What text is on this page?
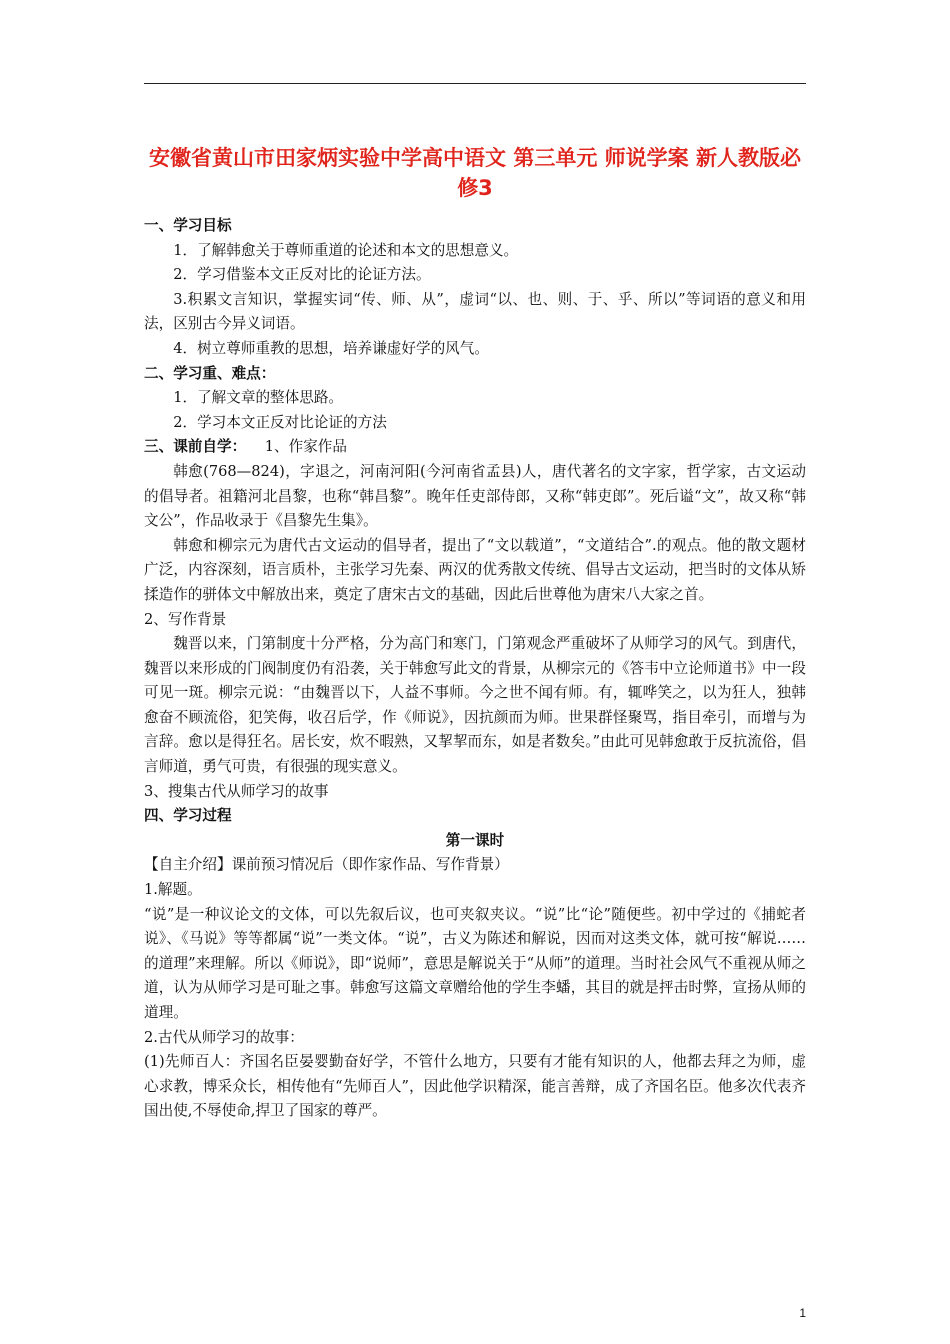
安徽省黄山市田家炳实验中学高中语文 第三单元 师说学案 新人教版必修3

一、学习目标

1．了解韩愈关于尊师重道的论述和本文的思想意义。

2．学习借鉴本文正反对比的论证方法。

3.积累文言知识，掌握实词“传、师、从”，虚词“以、也、则、于、乎、所以”等词语的意义和用法，区别古今异义词语。

4．树立尊师重教的思想，培养谦虚好学的风气。

二、学习重、难点：

1．了解文章的整体思路。

2．学习本文正反对比论证的方法

三、课前自学： 1、作家作品

韩愈(768—824)，字退之，河南河阳(今河南省孟县)人，唐代著名的文字家，哲学家，古文运动的倡导者。祖籍河北昌黎，也称“韩昌黎”。晚年任吏部侍郎，又称“韩吏郎”。死后谥“文”，故又称“韩文公”，作品收录于《昌黎先生集》。

韩愈和柳宗元为唐代古文运动的倡导者，提出了“文以载道”，“文道结合”.的观点。他的散文题材广泛，内容深刻，语言质朴，主张学习先秦、两汉的优秀散文传统、倡导古文运动，把当时的文体从矫揉造作的骈体文中解放出来，奠定了唐宋古文的基础，因此后世尊他为唐宋八大家之首。

2、写作背景

魏晋以来，门第制度十分严格，分为高门和寒门，门第观念严重破坏了从师学习的风气。到唐代，魏晋以来形成的门阀制度仍有沿袭，关于韩愈写此文的背景，从柳宗元的《答韦中立论师道书》中一段可见一斑。柳宗元说：“由魏晋以下，人益不事师。今之世不闻有师。有，辄哗笑之，以为狂人，独韩愈奋不顾流俗，犯笑侮，收召后学，作《师说》，因抗颜而为师。世果群怪聚骂，指目牵引，而增与为言辞。愈以是得狂名。居长安，炊不暇熟，又挈挈而东，如是者数矣。”由此可见韩愈敢于反抗流俗，倡言师道，勇气可贵，有很强的现实意义。

3、搜集古代从师学习的故事

四、学习过程

第一课时

【自主介绍】课前预习情况后（即作家作品、写作背景）

1.解题。

“说”是一种议论文的文体，可以先叙后议，也可夹叙夹议。“说”比“论”随便些。初中学过的《捕蛇者说》、《马说》等等都属“说”一类文体。“说”，古义为陈述和解说，因而对这类文体，就可按“解说……的道理”来理解。所以《师说》，即“说师”，意思是解说关于“从师”的道理。当时社会风气不重视从师之道，认为从师学习是可耻之事。韩愈写这篇文章赠给他的学生李蟠，其目的就是抨击时弊，宣扬从师的道理。

2.古代从师学习的故事：

(1)先师百人：齐国名臣晏婴勤奋好学，不管什么地方，只要有才能有知识的人，他都去拜之为师，虚心求教，博采众长，相传他有“先师百人”，因此他学识精深，能言善辩，成了齐国名臣。他多次代表齐国出使,不辱使命,捍卫了国家的尊严。

1
